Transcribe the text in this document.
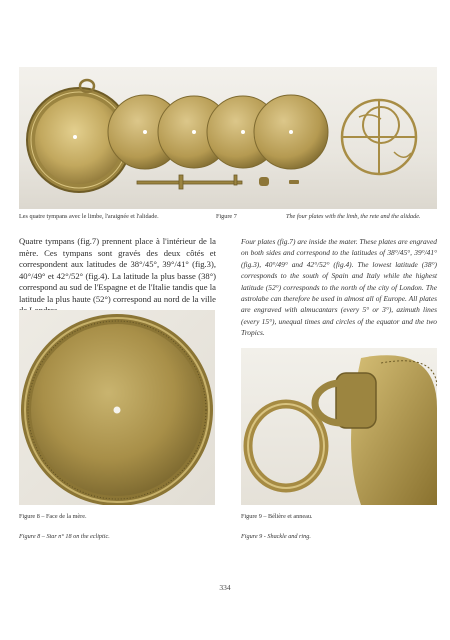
Les quatre tympans avec le limbe, l'araignée et l'alidade.	Figure 7	The four plates with the limb, the rete and the alidade.
Quatre tympans (fig.7) prennent place à l'intérieur de la mère. Ces tympans sont gravés des deux côtés et correspondent aux latitudes de 38°/45°, 39°/41° (fig.3), 40°/49° et 42°/52° (fig.4). La latitude la plus basse (38°) correspond au sud de l'Espagne et de l'Italie tandis que la latitude la plus haute (52°) correspond au nord de la ville
Four plates (fig.7) are inside the mater. These plates are engraved on both sides and correspond to the latitudes of 38°/45°, 39°/41° (fig.3), 40°/49° and 42°/52° (fig.4). The lowest latitude (38°) corresponds to the south of Spain and Italy while the highest latitude (52°) corresponds to the north of the city of London. The astrolabe can therefore be used in almost all of Europe. All plates are engraved with almucantars (every 5° or 3°), azimuth lines (every 15°), unequal times and circles of the equator and the two Tropics.
Figure 8 – Face de la mère.
Figure 8 – Star n° 18 on the ecliptic.
Figure 9 – Bélière et anneau.
Figure 9 - Shackle and ring.
334
